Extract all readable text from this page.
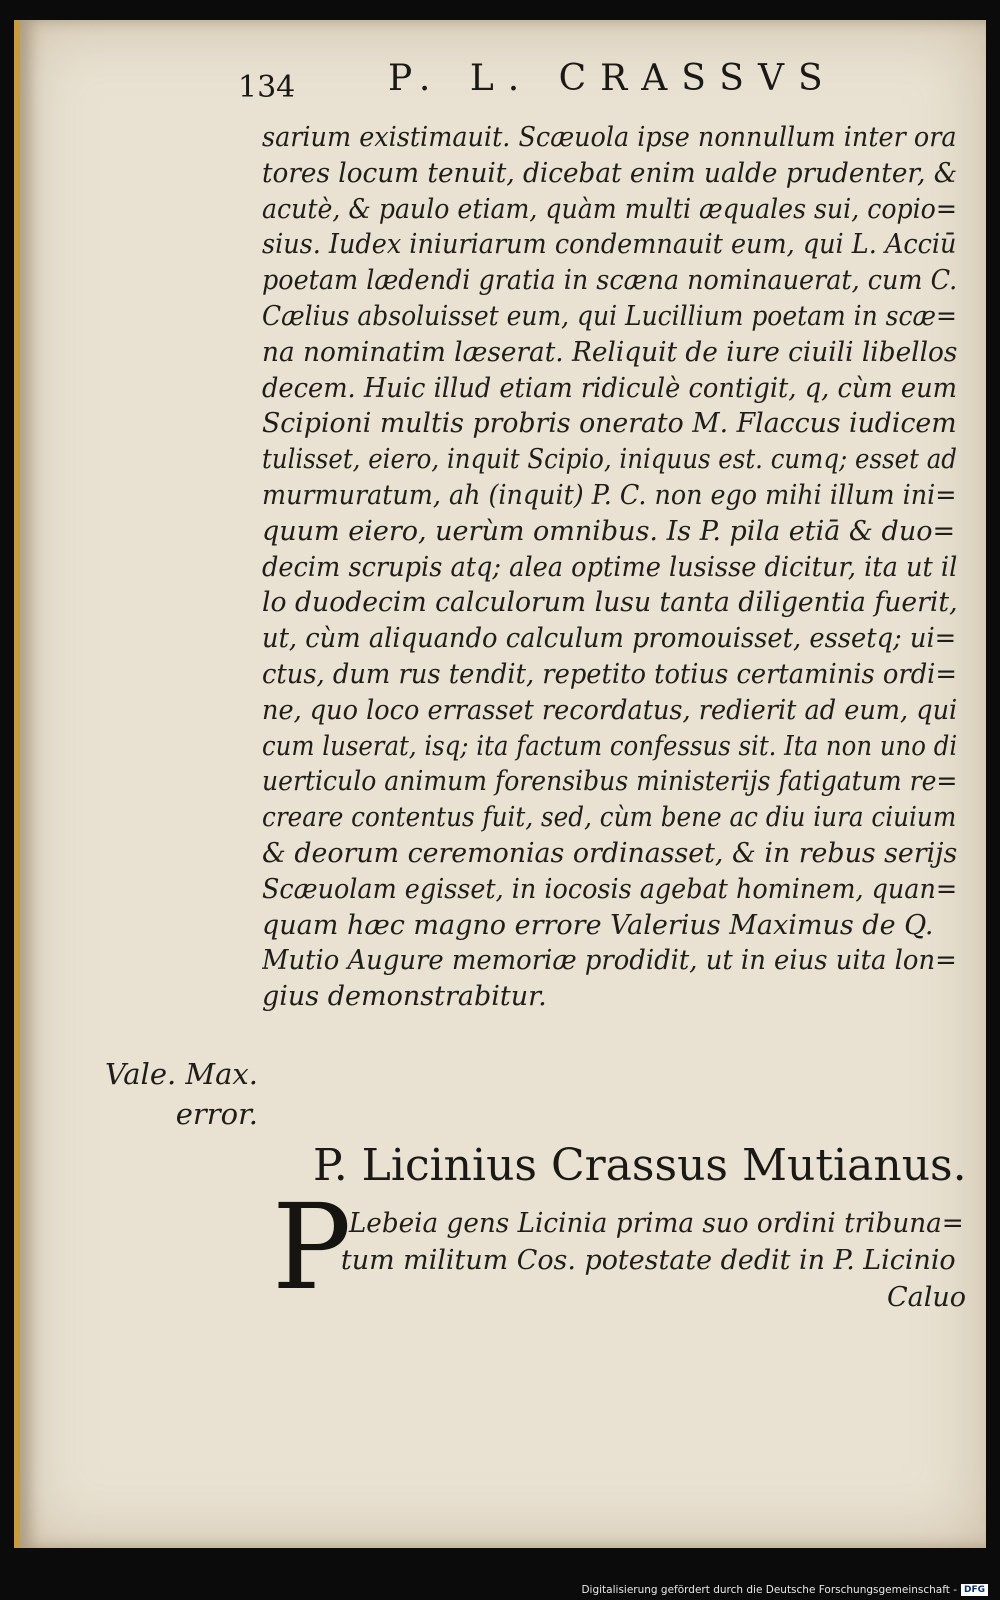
134	P. L. CRASSVS
sarium existimauit. Scæuola ipse nonnullum inter ora
tores locum tenuit, dicebat enim ualde prudenter, &
acutè, & paulo etiam, quàm multi æquales sui, copio=
sius. Iudex iniuriarum condemnauit eum, qui L. Acciū
poetam lædendi gratia in scæna nominauerat, cum C.
Cælius absoluisset eum, qui Lucillium poetam in scæ=
na nominatim læserat. Reliquit de iure ciuili libellos
decem. Huic illud etiam ridiculè contigit, q, cùm eum
Scipioni multis probris onerato M. Flaccus iudicem
tulisset, eiero, inquit Scipio, iniquus est. cumq; esset ad
murmuratum, ah (inquit) P. C. non ego mihi illum ini=
quum eiero, uerùm omnibus. Is P. pila etiā & duo=
decim scrupis atq; alea optime lusisse dicitur, ita ut il
lo duodecim calculorum lusu tanta diligentia fuerit,
ut, cùm aliquando calculum promouisset, essetq; ui=
ctus, dum rus tendit, repetito totius certaminis ordi=
ne, quo loco errasset recordatus, redierit ad eum, qui
cum luserat, isq; ita factum confessus sit. Ita non uno di
uerticulo animum forensibus ministerijs fatigatum re=
creare contentus fuit, sed, cùm bene ac diu iura ciuium
& deorum ceremonias ordinasset, & in rebus serijs
Scæuolam egisset, in iocosis agebat hominem, quan=
quam hæc magno errore Valerius Maximus de Q.
Mutio Augure memoriæ prodidit, ut in eius uita lon=
gius demonstrabitur.
Vale. Max.
error.
P. Licinius Crassus Mutianus.
P
Lebeia gens Licinia prima suo ordini tribuna=
tum militum Cos. potestate dedit in P. Licinio
Caluo
Digitalisierung gefördert durch die Deutsche Forschungsgemeinschaft - DFG
